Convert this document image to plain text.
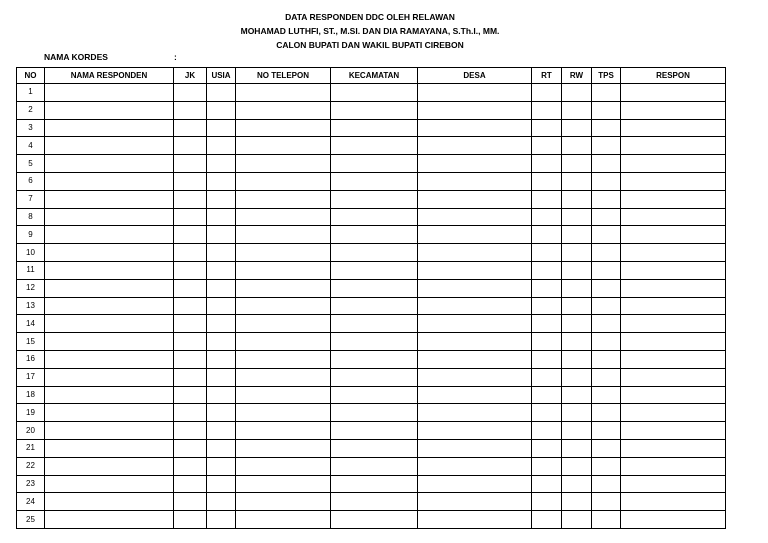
DATA RESPONDEN DDC OLEH RELAWAN
MOHAMAD LUTHFI, ST., M.SI. DAN DIA RAMAYANA, S.Th.I., MM.
CALON BUPATI DAN WAKIL BUPATI CIREBON
NAMA KORDES	:
NO	NAMA RESPONDEN	JK	USIA	NO TELEPON	KECAMATAN	DESA	RT	RW	TPS	RESPON
1										
2										
3										
4										
5										
6										
7										
8										
9										
10										
11										
12										
13										
14										
15										
16										
17										
18										
19										
20										
21										
22										
23										
24										
25										
